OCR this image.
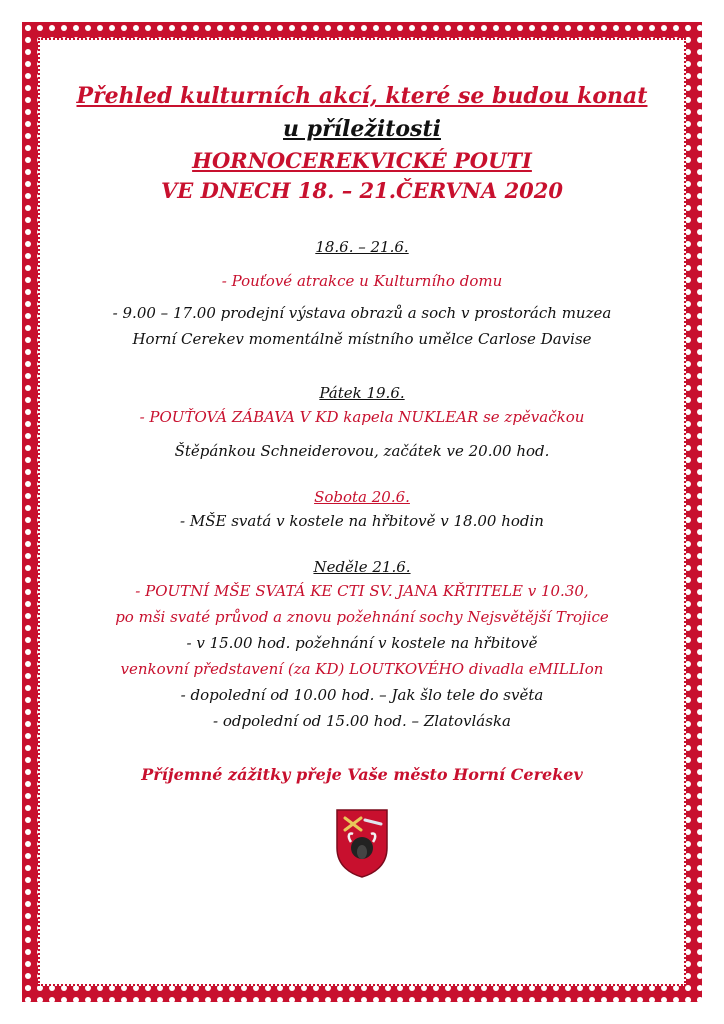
Přehled kulturních akcí, které se budou konat
u příležitosti
HORNOCEREKVICKÉ POUTI
VE DNECH 18. – 21.ČERVNA 2020
18.6. – 21.6.
- Pouťové atrakce u Kulturního domu
- 9.00 – 17.00 prodejní výstava obrazů a soch v prostorách muzea
Horní Cerekev momentálně místního umělce Carlose Davise
Pátek 19.6.
- POUŤOVÁ ZÁBAVA V KD kapela NUKLEAR se zpěvačkou
Štěpánkou Schneiderovou, začátek ve 20.00 hod.
Sobota 20.6.
- MŠE svatá v kostele na hřbitově v 18.00 hodin
Neděle 21.6.
- POUTNÍ MŠE SVATÁ KE CTI SV. JANA KŘTITELE v 10.30,
po mši svaté průvod a znovu požehnání sochy Nejsvětější Trojice
- v 15.00 hod. požehnání v kostele na hřbitově
venkovní představení (za KD) LOUTKOVÉHO divadla eMILLIon
- dopolední od 10.00 hod. – Jak šlo tele do světa
- odpolední od 15.00 hod. – Zlatovláska
Příjemné zážitky přeje Vaše město Horní Cerekev
